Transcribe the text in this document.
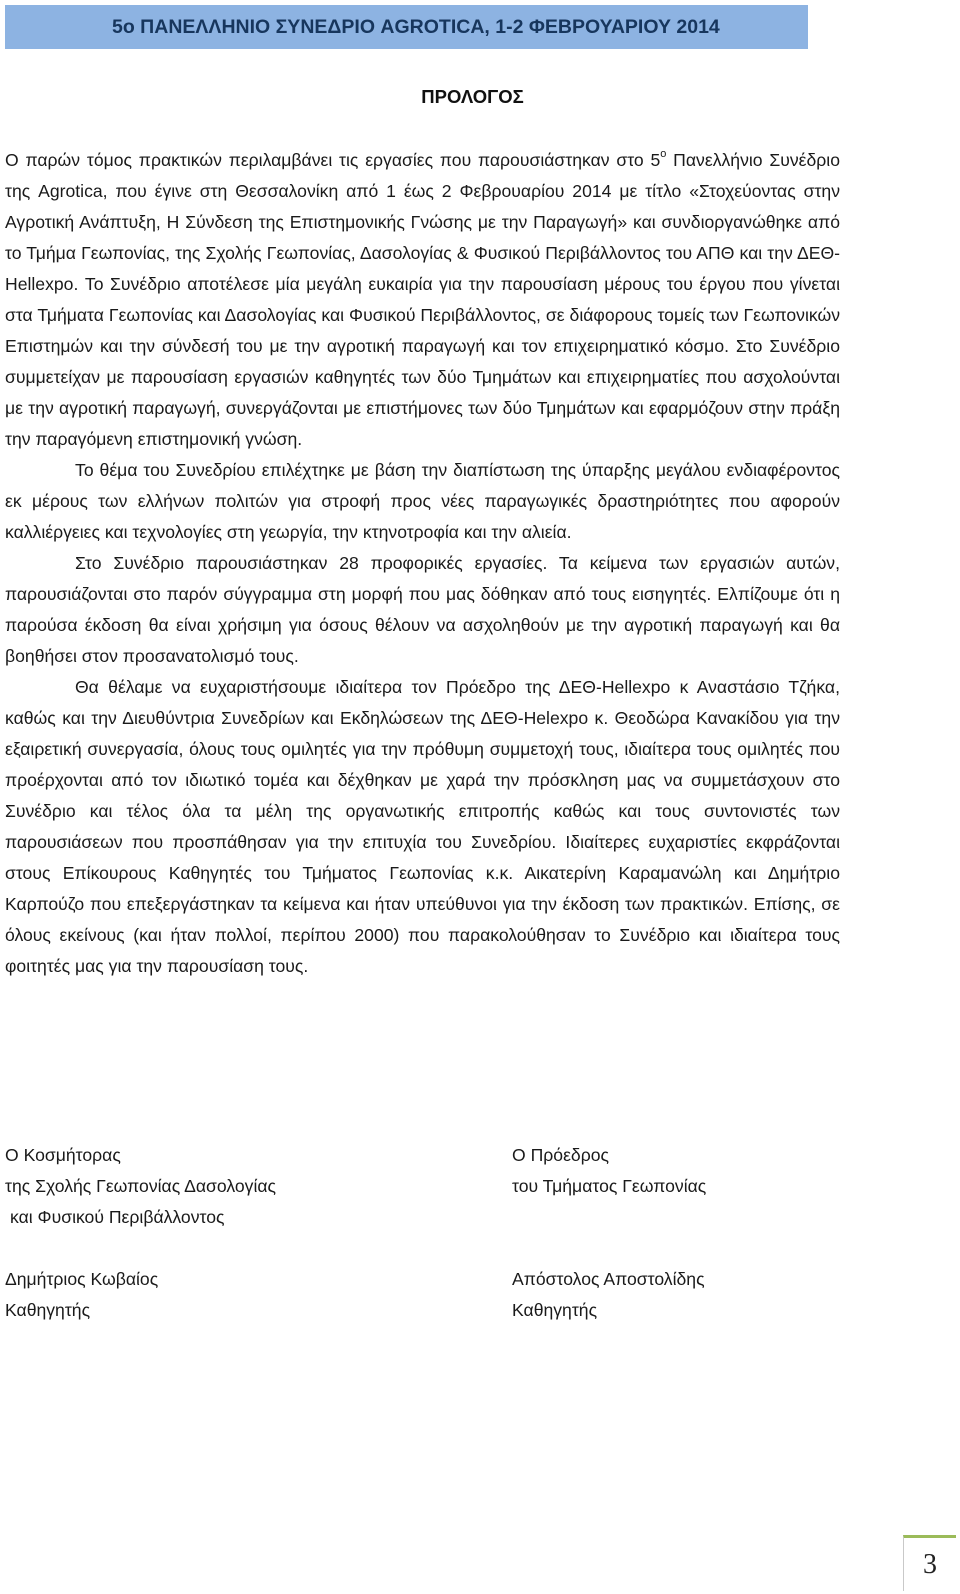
5ο ΠΑΝΕΛΛΗΝΙΟ ΣΥΝΕΔΡΙΟ AGROTICA, 1-2 ΦΕΒΡΟΥΑΡΙΟΥ 2014
ΠΡΟΛΟΓΟΣ

Ο παρών τόμος πρακτικών περιλαμβάνει τις εργασίες που παρουσιάστηκαν στο $5^o$ Πανελλήνιο Συνέδριο της Agrotica, που έγινε στη Θεσσαλονίκη από 1 έως 2 Φεβρουαρίου 2014 με τίτλο «Στοχεύοντας στην Αγροτική Ανάπτυξη, Η Σύνδεση της Επιστημονικής Γνώσης με την Παραγωγή» και συνδιοργανώθηκε από το Τμήμα Γεωπονίας, της Σχολής Γεωπονίας, Δασολογίας & Φυσικού Περιβάλλοντος του ΑΠΘ και την ΔΕΘ-Hellexpo. Το Συνέδριο αποτέλεσε μία μεγάλη ευκαιρία για την παρουσίαση μέρους του έργου που γίνεται στα Τμήματα Γεωπονίας και Δασολογίας και Φυσικού Περιβάλλοντος, σε διάφορους τομείς των Γεωπονικών Επιστημών και την σύνδεσή του με την αγροτική παραγωγή και τον επιχειρηματικό κόσμο. Στο Συνέδριο συμμετείχαν με παρουσίαση εργασιών καθηγητές των δύο Τμημάτων και επιχειρηματίες που ασχολούνται με την αγροτική παραγωγή, συνεργάζονται με επιστήμονες των δύο Τμημάτων και εφαρμόζουν στην πράξη την παραγόμενη επιστημονική γνώση.

Το θέμα του Συνεδρίου επιλέχτηκε με βάση την διαπίστωση της ύπαρξης μεγάλου ενδιαφέροντος εκ μέρους των ελλήνων πολιτών για στροφή προς νέες παραγωγικές δραστηριότητες που αφορούν καλλιέργειες και τεχνολογίες στη γεωργία, την κτηνοτροφία και την αλιεία.

Στο Συνέδριο παρουσιάστηκαν 28 προφορικές εργασίες. Τα κείμενα των εργασιών αυτών, παρουσιάζονται στο παρόν σύγγραμμα στη μορφή που μας δόθηκαν από τους εισηγητές. Ελπίζουμε ότι η παρούσα έκδοση θα είναι χρήσιμη για όσους θέλουν να ασχοληθούν με την αγροτική παραγωγή και θα βοηθήσει στον προσανατολισμό τους.

Θα θέλαμε να ευχαριστήσουμε ιδιαίτερα τον Πρόεδρο της ΔΕΘ-Hellexpo κ Αναστάσιο Τζήκα, καθώς και την Διευθύντρια Συνεδρίων και Εκδηλώσεων της ΔΕΘ-Helexpo κ. Θεοδώρα Κανακίδου για την εξαιρετική συνεργασία, όλους τους ομιλητές για την πρόθυμη συμμετοχή τους, ιδιαίτερα τους ομιλητές που προέρχονται από τον ιδιωτικό τομέα και δέχθηκαν με χαρά την πρόσκληση μας να συμμετάσχουν στο Συνέδριο και τέλος όλα τα μέλη της οργανωτικής επιτροπής καθώς και τους συντονιστές των παρουσιάσεων που προσπάθησαν για την επιτυχία του Συνεδρίου. Ιδιαίτερες ευχαριστίες εκφράζονται στους Επίκουρους Καθηγητές του Τμήματος Γεωπονίας κ.κ. Αικατερίνη Καραμανώλη και Δημήτριο Καρπούζο που επεξεργάστηκαν τα κείμενα και ήταν υπεύθυνοι για την έκδοση των πρακτικών. Επίσης, σε όλους εκείνους (και ήταν πολλοί, περίπου 2000) που παρακολούθησαν το Συνέδριο και ιδιαίτερα τους φοιτητές μας για την παρουσίαση τους.

Ο Κοσμήτορας
της Σχολής Γεωπονίας Δασολογίας
και Φυσικού Περιβάλλοντος
Δημήτριος Κωβαίος
Καθηγητής
Ο Πρόεδρος
του Τμήματος Γεωπονίας
Απόστολος Αποστολίδης
Καθηγητής
3
